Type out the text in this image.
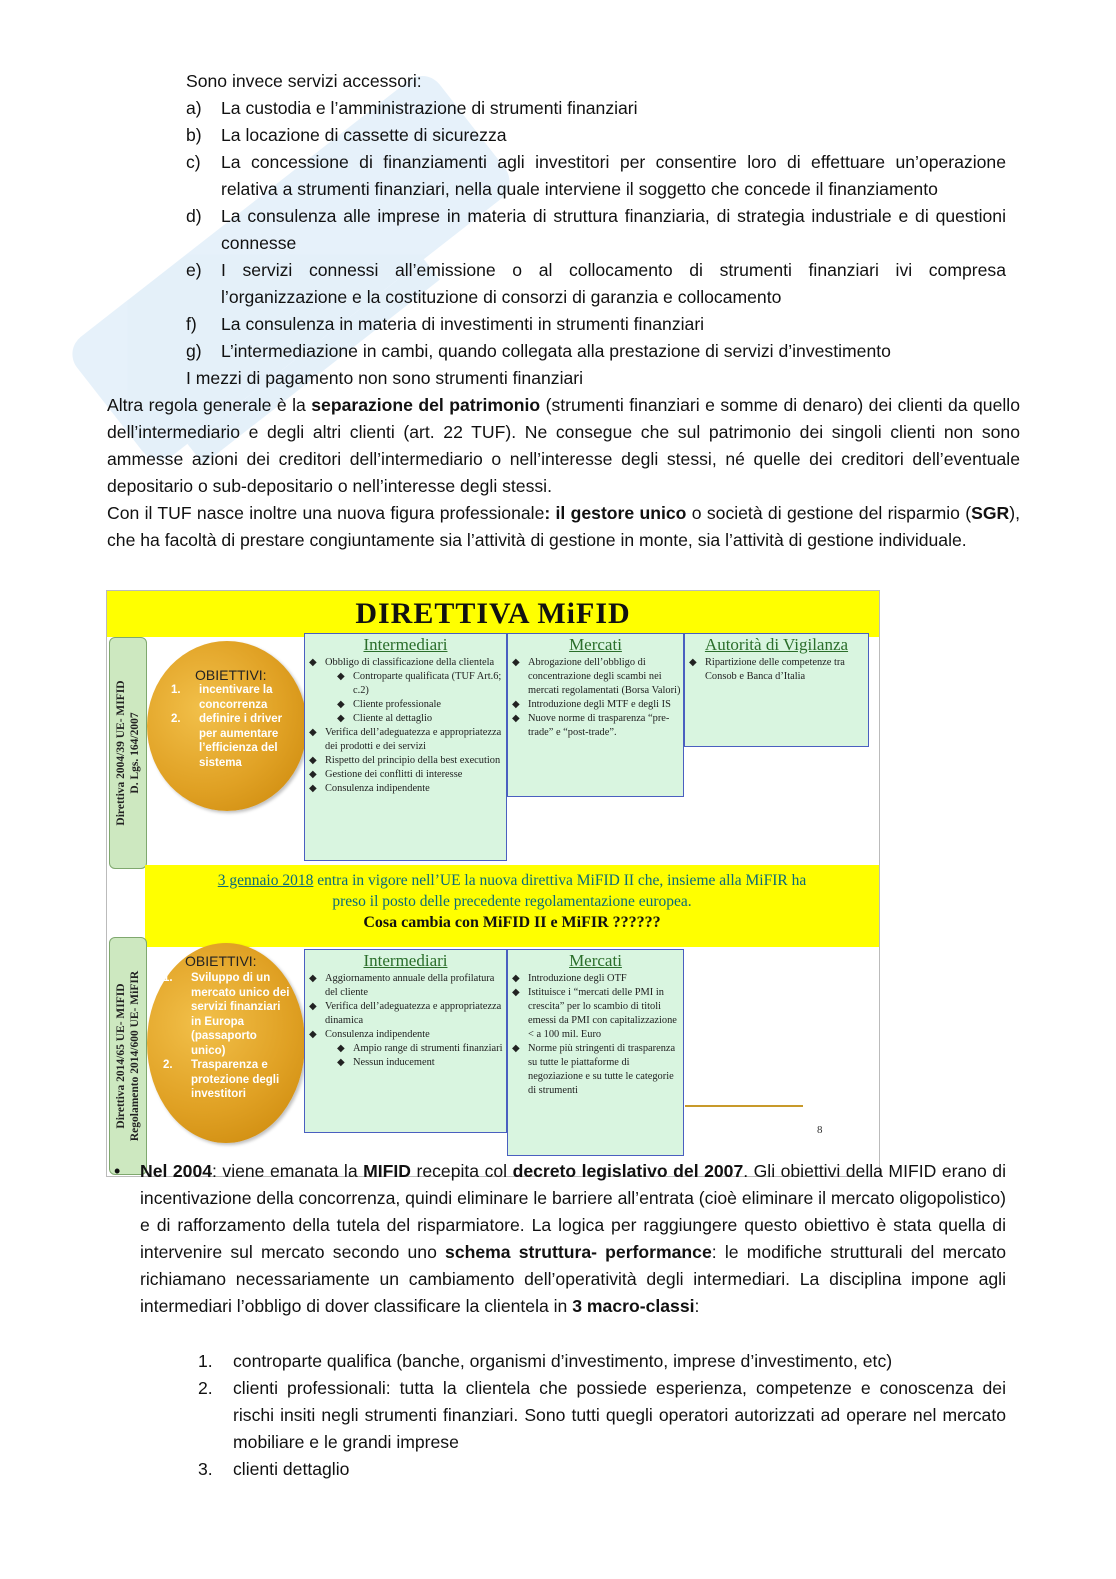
Sono invece servizi accessori:
a) La custodia e l’amministrazione di strumenti finanziari
b) La locazione di cassette di sicurezza
c) La concessione di finanziamenti agli investitori per consentire loro di effettuare un’operazione relativa a strumenti finanziari, nella quale interviene il soggetto che concede il finanziamento
d) La consulenza alle imprese in materia di struttura finanziaria, di strategia industriale e di questioni connesse
e) I servizi connessi all’emissione o al collocamento di strumenti finanziari ivi compresa l’organizzazione e la costituzione di consorzi di garanzia e collocamento
f) La consulenza in materia di investimenti in strumenti finanziari
g) L’intermediazione in cambi, quando collegata alla prestazione di servizi d’investimento
I mezzi di pagamento non sono strumenti finanziari
Altra regola generale è la separazione del patrimonio (strumenti finanziari e somme di denaro) dei clienti da quello dell’intermediario e degli altri clienti (art. 22 TUF). Ne consegue che sul patrimonio dei singoli clienti non sono ammesse azioni dei creditori dell’intermediario o nell’interesse degli stessi, né quelle dei creditori dell’eventuale depositario o sub-depositario o nell’interesse degli stessi.
Con il TUF nasce inoltre una nuova figura professionale: il gestore unico o società di gestione del risparmio (SGR), che ha facoltà di prestare congiuntamente sia l’attività di gestione in monte, sia l’attività di gestione individuale.
DIRETTIVA MiFID
Direttiva 2004/39 UE- MIFID D. Lgs. 164/2007
OBIETTIVI:
1. incentivare la concorrenza
2. definire i driver per aumentare l’efficienza del sistema
Intermediari
◆ Obbligo di classificazione della clientela
◆ Controparte qualificata (TUF Art.6; c.2)
◆ Cliente professionale
◆ Cliente al dettaglio
◆ Verifica dell’adeguatezza e appropriatezza dei prodotti e dei servizi
◆ Rispetto del principio della best execution
◆ Gestione dei conflitti di interesse
◆ Consulenza indipendente
Mercati
◆ Abrogazione dell’obbligo di concentrazione degli scambi nei mercati regolamentati (Borsa Valori)
◆ Introduzione degli MTF e degli IS
◆ Nuove norme di trasparenza “pre-trade” e “post-trade”.
Autorità di Vigilanza
◆ Ripartizione delle competenze tra Consob e Banca d’Italia
3 gennaio 2018 entra in vigore nell’UE la nuova direttiva MiFID II che, insieme alla MiFIR ha
preso il posto delle precedente regolamentazione europea.
Cosa cambia con MiFID II e MiFIR ??????
Direttiva 2014/65 UE- MIFID Regolamento 2014/600 UE- MiFIR
OBIETTIVI:
1. Sviluppo di un mercato unico dei servizi finanziari in Europa (passaporto unico)
2. Trasparenza e protezione degli investitori
Intermediari
◆ Aggiornamento annuale della profilatura del cliente
◆ Verifica dell’adeguatezza e appropriatezza dinamica
◆ Consulenza indipendente
◆ Ampio range di strumenti finanziari
◆ Nessun inducement
Mercati
◆ Introduzione degli OTF
◆ Istituisce i “mercati delle PMI in crescita” per lo scambio di titoli emessi da PMI con capitalizzazione < a 100 mil. Euro
◆ Norme più stringenti di trasparenza su tutte le piattaforme di negoziazione e su tutte le categorie di strumenti
8
• Nel 2004: viene emanata la MIFID recepita col decreto legislativo del 2007. Gli obiettivi della MIFID erano di incentivazione della concorrenza, quindi eliminare le barriere all’entrata (cioè eliminare il mercato oligopolistico) e di rafforzamento della tutela del risparmiatore. La logica per raggiungere questo obiettivo è stata quella di intervenire sul mercato secondo uno schema struttura- performance: le modifiche strutturali del mercato richiamano necessariamente un cambiamento dell’operatività degli intermediari. La disciplina impone agli intermediari l’obbligo di dover classificare la clientela in 3 macro-classi:
1. controparte qualifica (banche, organismi d’investimento, imprese d’investimento, etc)
2. clienti professionali: tutta la clientela che possiede esperienza, competenze e conoscenza dei rischi insiti negli strumenti finanziari. Sono tutti quegli operatori autorizzati ad operare nel mercato mobiliare e le grandi imprese
3. clienti dettaglio
